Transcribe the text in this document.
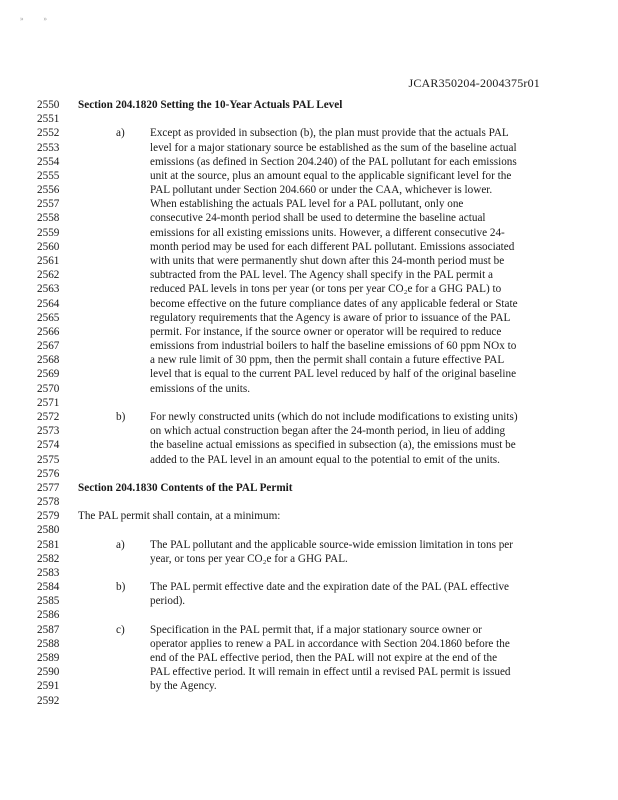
»	»
JCAR350204-2004375r01
2550	Section 204.1820 Setting the 10-Year Actuals PAL Level
2551
2552	a) Except as provided in subsection (b), the plan must provide that the actuals PAL
2553	level for a major stationary source be established as the sum of the baseline actual
2554	emissions (as defined in Section 204.240) of the PAL pollutant for each emissions
2555	unit at the source, plus an amount equal to the applicable significant level for the
2556	PAL pollutant under Section 204.660 or under the CAA, whichever is lower.
2557	When establishing the actuals PAL level for a PAL pollutant, only one
2558	consecutive 24-month period shall be used to determine the baseline actual
2559	emissions for all existing emissions units. However, a different consecutive 24-
2560	month period may be used for each different PAL pollutant. Emissions associated
2561	with units that were permanently shut down after this 24-month period must be
2562	subtracted from the PAL level. The Agency shall specify in the PAL permit a
2563	reduced PAL levels in tons per year (or tons per year CO₂e for a GHG PAL) to
2564	become effective on the future compliance dates of any applicable federal or State
2565	regulatory requirements that the Agency is aware of prior to issuance of the PAL
2566	permit. For instance, if the source owner or operator will be required to reduce
2567	emissions from industrial boilers to half the baseline emissions of 60 ppm NOx to
2568	a new rule limit of 30 ppm, then the permit shall contain a future effective PAL
2569	level that is equal to the current PAL level reduced by half of the original baseline
2570	emissions of the units.
2571
2572	b) For newly constructed units (which do not include modifications to existing units)
2573	on which actual construction began after the 24-month period, in lieu of adding
2574	the baseline actual emissions as specified in subsection (a), the emissions must be
2575	added to the PAL level in an amount equal to the potential to emit of the units.
2576
2577	Section 204.1830 Contents of the PAL Permit
2578
2579	The PAL permit shall contain, at a minimum:
2580
2581	a) The PAL pollutant and the applicable source-wide emission limitation in tons per
2582	year, or tons per year CO₂e for a GHG PAL.
2583
2584	b) The PAL permit effective date and the expiration date of the PAL (PAL effective
2585	period).
2586
2587	c) Specification in the PAL permit that, if a major stationary source owner or
2588	operator applies to renew a PAL in accordance with Section 204.1860 before the
2589	end of the PAL effective period, then the PAL will not expire at the end of the
2590	PAL effective period. It will remain in effect until a revised PAL permit is issued
2591	by the Agency.
2592
